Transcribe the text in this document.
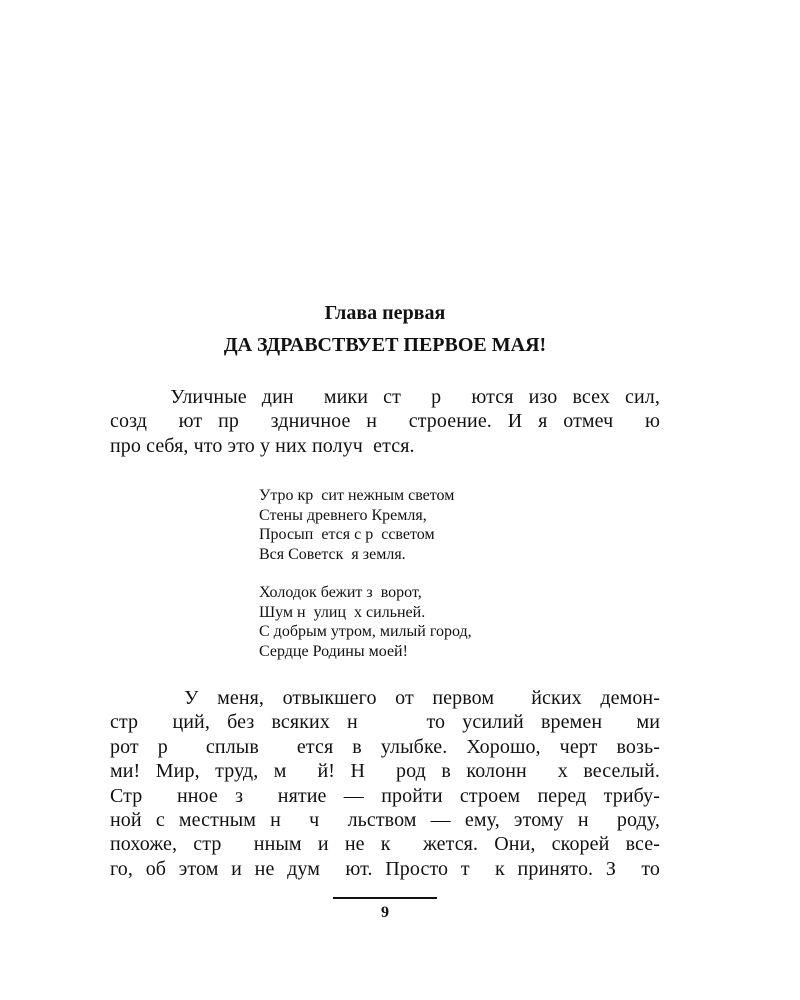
Глава первая
ДА ЗДРАВСТВУЕТ ПЕРВОЕ МАЯ!
Уличные дин  мики ст  р  ются изо всех сил,
созд  ют пр  здничное н  строение. И я отмеч  ю
про себя, что это у них получ  ется.
Утро кр  сит нежным светом
Стены древнего Кремля,
Просып  ется с р  ссветом
Вся Советск  я земля.
Холодок бежит з  ворот,
Шум н  улиц  х сильней.
С добрым утром, милый город,
Сердце Родины моей!
У меня, отвыкшего от первом  йских демон-
стр  ций, без всяких н    то усилий времен  ми
рот р  сплыв  ется в улыбке. Хорошо, черт возь-
ми! Мир, труд, м  й! Н  род в колонн  х веселый.
Стр  нное з  нятие — пройти строем перед трибу-
ной с местным н  ч  льством — ему, этому н  роду,
похоже, стр  нным и не к  жется. Они, скорей все-
го, об этом и не дум  ют. Просто т  к принято. З  то
9
